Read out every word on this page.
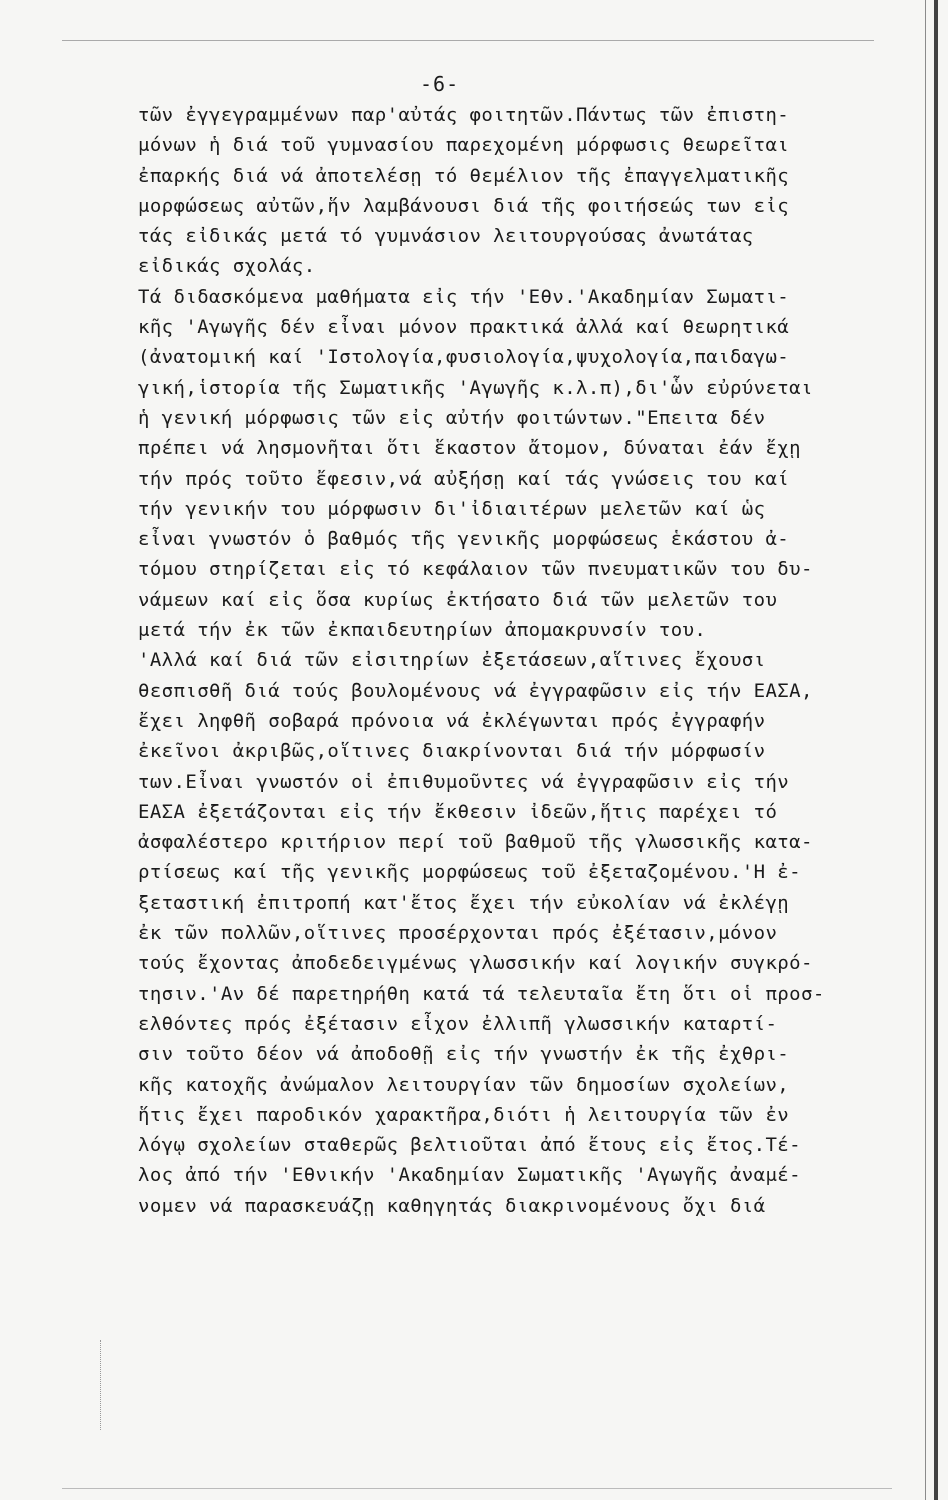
-6-
τῶν ἐγγεγραμμένων παρ'αὐτάς φοιτητῶν.Πάντως τῶν ἐπιστη-
μόνων ἡ διά τοῦ γυμνασίου παρεχομένη μόρφωσις θεωρεῖται
ἐπαρκής διά νά ἀποτελέσῃ τό θεμέλιον τῆς ἐπαγγελματικῆς
μορφώσεως αὐτῶν,ἥν λαμβάνουσι διά τῆς φοιτήσεώς των εἰς
τάς εἰδικάς μετά τό γυμνάσιον λειτουργούσας ἀνωτάτας
εἰδικάς σχολάς.
Τά διδασκόμενα μαθήματα εἰς τήν 'Εθν.'Ακαδημίαν Σωματι-
κῆς 'Αγωγῆς δέν εἶναι μόνον πρακτικά ἀλλά καί θεωρητικά
(ἀνατομική καί 'Ιστολογία,φυσιολογία,ψυχολογία,παιδαγω-
γική,ἱστορία τῆς Σωματικῆς 'Αγωγῆς κ.λ.π),δι'ὧν εὐρύνεται
ἡ γενική μόρφωσις τῶν εἰς αὐτήν φοιτώντων."Επειτα δέν
πρέπει νά λησμονῆται ὅτι ἕκαστον ἄτομον, δύναται ἐάν ἔχῃ
τήν πρός τοῦτο ἔφεσιν,νά αὐξήσῃ καί τάς γνώσεις του καί
τήν γενικήν του μόρφωσιν δι'ἰδιαιτέρων μελετῶν καί ὡς
εἶναι γνωστόν ὁ βαθμός τῆς γενικῆς μορφώσεως ἑκάστου ἀ-
τόμου στηρίζεται εἰς τό κεφάλαιον τῶν πνευματικῶν του δυ-
νάμεων καί εἰς ὅσα κυρίως ἐκτήσατο διά τῶν μελετῶν του
μετά τήν ἐκ τῶν ἐκπαιδευτηρίων ἀπομακρυνσίν του.
'Αλλά καί διά τῶν εἰσιτηρίων ἐξετάσεων,αἵτινες ἔχουσι
θεσπισθῆ διά τούς βουλομένους νά ἐγγραφῶσιν εἰς τήν ΕΑΣΑ,
ἔχει ληφθῆ σοβαρά πρόνοια νά ἐκλέγωνται πρός ἐγγραφήν
ἐκεῖνοι ἀκριβῶς,οἵτινες διακρίνονται διά τήν μόρφωσίν
των.Εἶναι γνωστόν οἱ ἐπιθυμοῦντες νά ἐγγραφῶσιν εἰς τήν
ΕΑΣΑ ἐξετάζονται εἰς τήν ἔκθεσιν ἰδεῶν,ἥτις παρέχει τό
ἀσφαλέστερο κριτήριον περί τοῦ βαθμοῦ τῆς γλωσσικῆς κατα-
ρτίσεως καί τῆς γενικῆς μορφώσεως τοῦ ἐξεταζομένου.'Η ἐ-
ξεταστική ἐπιτροπή κατ'ἔτος ἔχει τήν εὐκολίαν νά ἐκλέγῃ
ἐκ τῶν πολλῶν,οἵτινες προσέρχονται πρός ἐξέτασιν,μόνον
τούς ἔχοντας ἀποδεδειγμένως γλωσσικήν καί λογικήν συγκρό-
τησιν.'Αν δέ παρετηρήθη κατά τά τελευταῖα ἔτη ὅτι οἱ προσ-
ελθόντες πρός ἐξέτασιν εἶχον ἐλλιπῆ γλωσσικήν καταρτί-
σιν τοῦτο δέον νά ἀποδοθῇ εἰς τήν γνωστήν ἐκ τῆς ἐχθρι-
κῆς κατοχῆς ἀνώμαλον λειτουργίαν τῶν δημοσίων σχολείων,
ἥτις ἔχει παροδικόν χαρακτῆρα,διότι ἡ λειτουργία τῶν ἐν
λόγῳ σχολείων σταθερῶς βελτιοῦται ἀπό ἔτους εἰς ἔτος.Τέ-
λος ἀπό τήν 'Εθνικήν 'Ακαδημίαν Σωματικῆς 'Αγωγῆς ἀναμέ-
νομεν νά παρασκευάζῃ καθηγητάς διακρινομένους ὄχι διά
